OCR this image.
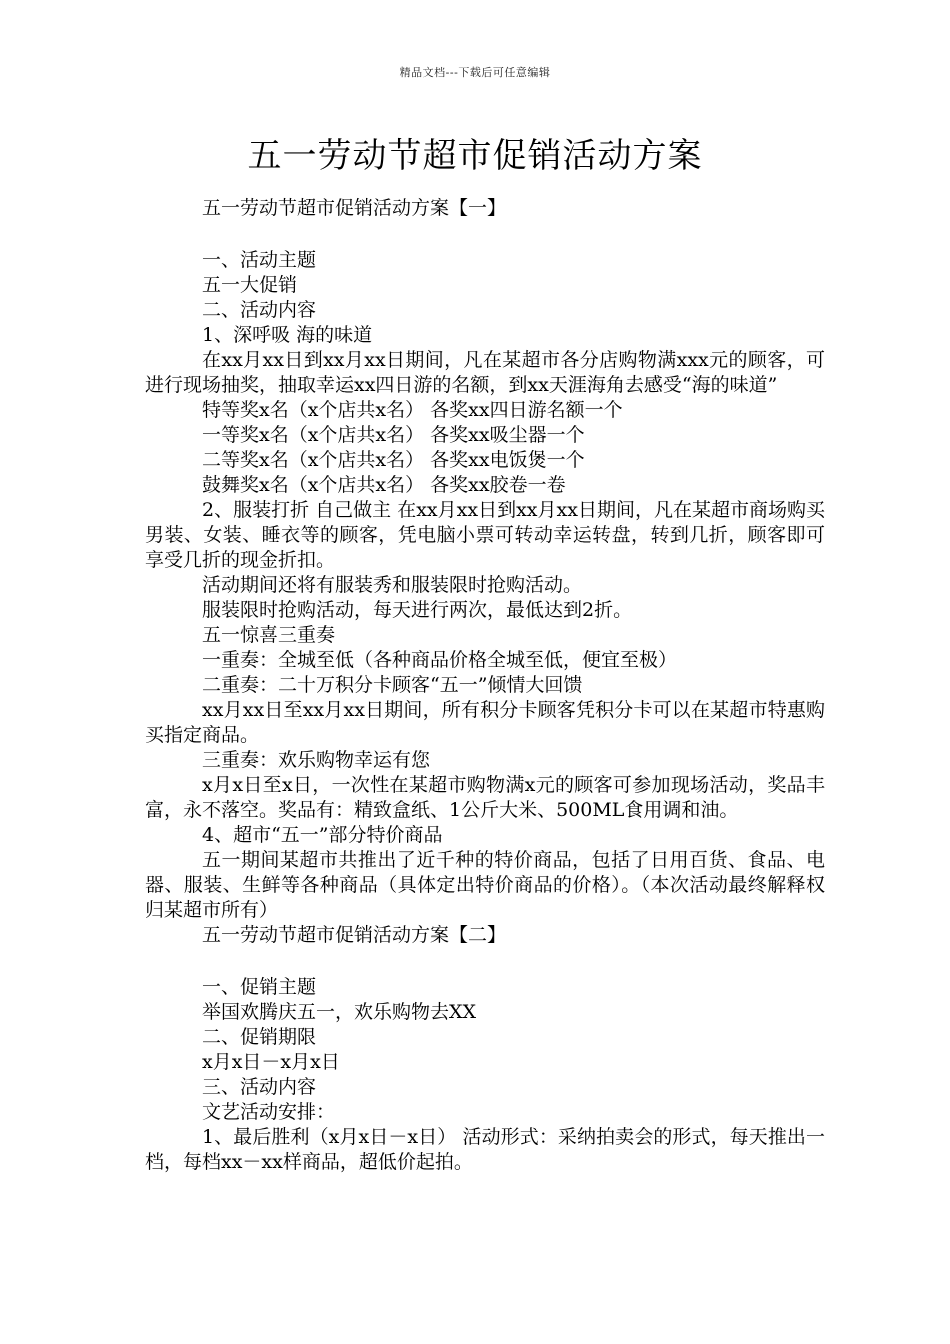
精品文档---下载后可任意编辑
五一劳动节超市促销活动方案

五一劳动节超市促销活动方案【一】

一、活动主题

五一大促销

二、活动内容

1、深呼吸 海的味道

在xx月xx日到xx月xx日期间，凡在某超市各分店购物满xxx元的顾客，可进行现场抽奖，抽取幸运xx四日游的名额，到xx天涯海角去感受“海的味道”

特等奖x名（x个店共x名） 各奖xx四日游名额一个

一等奖x名（x个店共x名） 各奖xx吸尘器一个

二等奖x名（x个店共x名） 各奖xx电饭煲一个

鼓舞奖x名（x个店共x名） 各奖xx胶卷一卷

2、服装打折 自己做主 在xx月xx日到xx月xx日期间，凡在某超市商场购买男装、女装、睡衣等的顾客，凭电脑小票可转动幸运转盘，转到几折，顾客即可享受几折的现金折扣。

活动期间还将有服装秀和服装限时抢购活动。

服装限时抢购活动，每天进行两次，最低达到2折。

五一惊喜三重奏

一重奏：全城至低（各种商品价格全城至低，便宜至极）

二重奏：二十万积分卡顾客“五一”倾情大回馈

xx月xx日至xx月xx日期间，所有积分卡顾客凭积分卡可以在某超市特惠购买指定商品。

三重奏：欢乐购物幸运有您

x月x日至x日，一次性在某超市购物满x元的顾客可参加现场活动，奖品丰富，永不落空。奖品有：精致盒纸、1公斤大米、500ML食用调和油。

4、超市“五一”部分特价商品

五一期间某超市共推出了近千种的特价商品，包括了日用百货、食品、电器、服装、生鲜等各种商品（具体定出特价商品的价格）。（本次活动最终解释权归某超市所有）

五一劳动节超市促销活动方案【二】

一、促销主题

举国欢腾庆五一，欢乐购物去XX

二、促销期限

x月x日－x月x日

三、活动内容

文艺活动安排：

1、最后胜利（x月x日－x日） 活动形式：采纳拍卖会的形式，每天推出一档，每档xx－xx样商品，超低价起拍。
